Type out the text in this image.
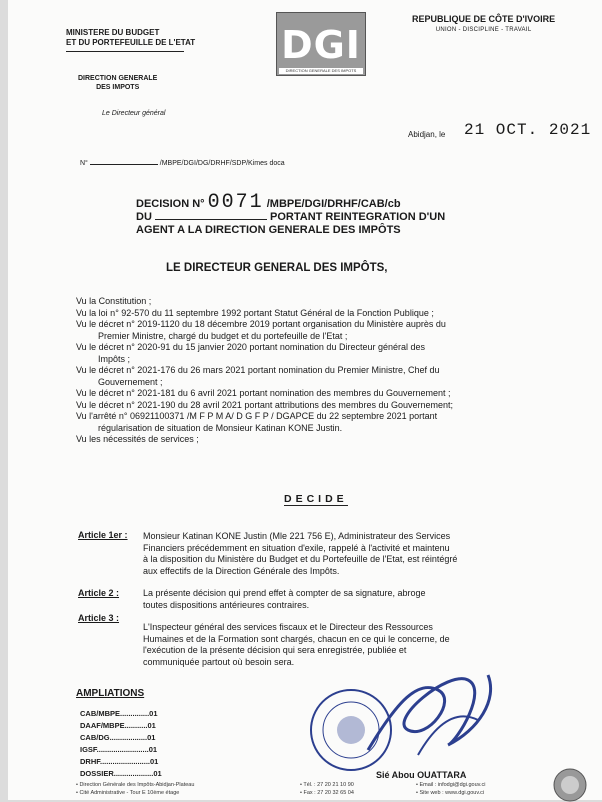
MINISTERE DU BUDGET
ET DU PORTEFEUILLE DE L'ETAT DGI
DIRECTION GENERALE DES IMPOTS
REPUBLIQUE DE CÔTE D'IVOIRE
UNION - DISCIPLINE - TRAVAIL
DIRECTION GENERALE
DES IMPOTS
Le Directeur général
Abidjan, le 21 OCT. 2021
N°	/MBPE/DGI/DG/DRHF/SDP/Kimes doca
DECISION N° 0071 /MBPE/DGI/DRHF/CAB/cb
DU	PORTANT REINTEGRATION D'UN
AGENT A LA DIRECTION GENERALE DES IMPÔTS
LE DIRECTEUR GENERAL DES IMPÔTS,

Vu la Constitution ;

Vu la loi n° 92-570 du 11 septembre 1992 portant Statut Général de la Fonction Publique ;

Vu le décret n° 2019-1120 du 18 décembre 2019 portant organisation du Ministère auprès du

Premier Ministre, chargé du budget et du portefeuille de l'Etat ;

Vu le décret n° 2020-91 du 15 janvier 2020 portant nomination du Directeur général des

Impôts ;

Vu le décret n° 2021-176 du 26 mars 2021 portant nomination du Premier Ministre, Chef du

Gouvernement ;

Vu le décret n° 2021-181 du 6 avril 2021 portant nomination des membres du Gouvernement ;

Vu le décret n° 2021-190 du 28 avril 2021 portant attributions des membres du Gouvernement;

Vu l'arrêté n° 06921100371 /M F P M A/ D G F P / DGAPCE du 22 septembre 2021 portant

régularisation de situation de Monsieur Katinan KONE Justin.

Vu les nécessités de services ;

DECIDE
Article 1er : Monsieur Katinan KONE Justin (Mle 221 756 E), Administrateur des Services
Financiers précédemment en situation d'exile, rappelé à l'activité et maintenu
à la disposition du Ministère du Budget et du Portefeuille de l'Etat, est réintégré
aux effectifs de la Direction Générale des Impôts.
Article 2 :	La présente décision qui prend effet à compter de sa signature, abroge
toutes dispositions antérieures contraires.
Article 3 :
L'Inspecteur général des services fiscaux et le Directeur des Ressources
Humaines et de la Formation sont chargés, chacun en ce qui le concerne, de
l'exécution de la présente décision qui sera enregistrée, publiée et
communiquée partout où besoin sera.
AMPLIATIONS
CAB/MBPE..............01
DAAF/MBPE...........01
CAB/DG..................01
IGSF.........................01
DRHF........................01
DOSSIER...................01	Sié Abou OUATTARA
• Direction Générale des Impôts-Abidjan-Plateau
• Cité Administrative - Tour E 10ème étage
• Tél. : 27 20 21 10 90
• Fax : 27 20 32 65 04
• Email : infodgi@dgi.gouv.ci
• Site web : www.dgi.gouv.ci
